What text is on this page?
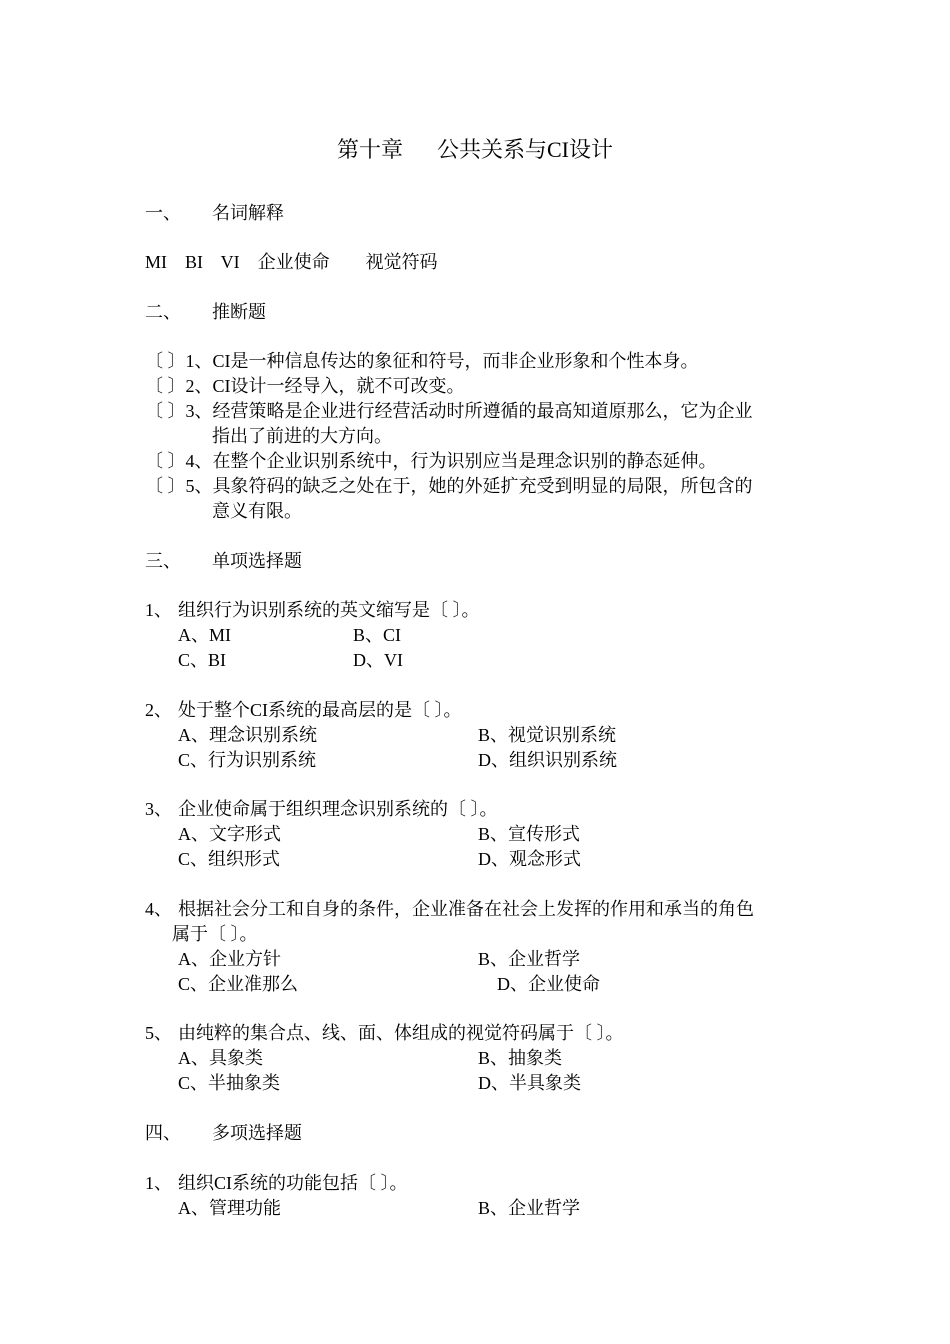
第十章 公共关系与CI设计
一、 名词解释
MI    BI    VI    企业使命        视觉符码
二、 推断题
〔 〕1、CI是一种信息传达的象征和符号，而非企业形象和个性本身。
〔 〕2、CI设计一经导入，就不可改变。
〔 〕3、经营策略是企业进行经营活动时所遵循的最高知道原那么，它为企业
指出了前进的大方向。
〔 〕4、在整个企业识别系统中，行为识别应当是理念识别的静态延伸。
〔 〕5、具象符码的缺乏之处在于，她的外延扩充受到明显的局限，所包含的
意义有限。
三、 单项选择题
1、 组织行为识别系统的英文缩写是〔 〕。
A、MI	B、CI
C、BI	D、VI
2、 处于整个CI系统的最高层的是〔 〕。
A、理念识别系统	B、视觉识别系统
C、行为识别系统	D、组织识别系统
3、 企业使命属于组织理念识别系统的〔 〕。
A、文字形式	B、宣传形式
C、组织形式	D、观念形式
4、 根据社会分工和自身的条件，企业准备在社会上发挥的作用和承当的角色
属于〔 〕。
A、企业方针	B、企业哲学
C、企业准那么	D、企业使命
5、 由纯粹的集合点、线、面、体组成的视觉符码属于〔 〕。
A、具象类	B、抽象类
C、半抽象类	D、半具象类
四、 多项选择题
1、 组织CI系统的功能包括〔 〕。
A、管理功能	B、企业哲学
